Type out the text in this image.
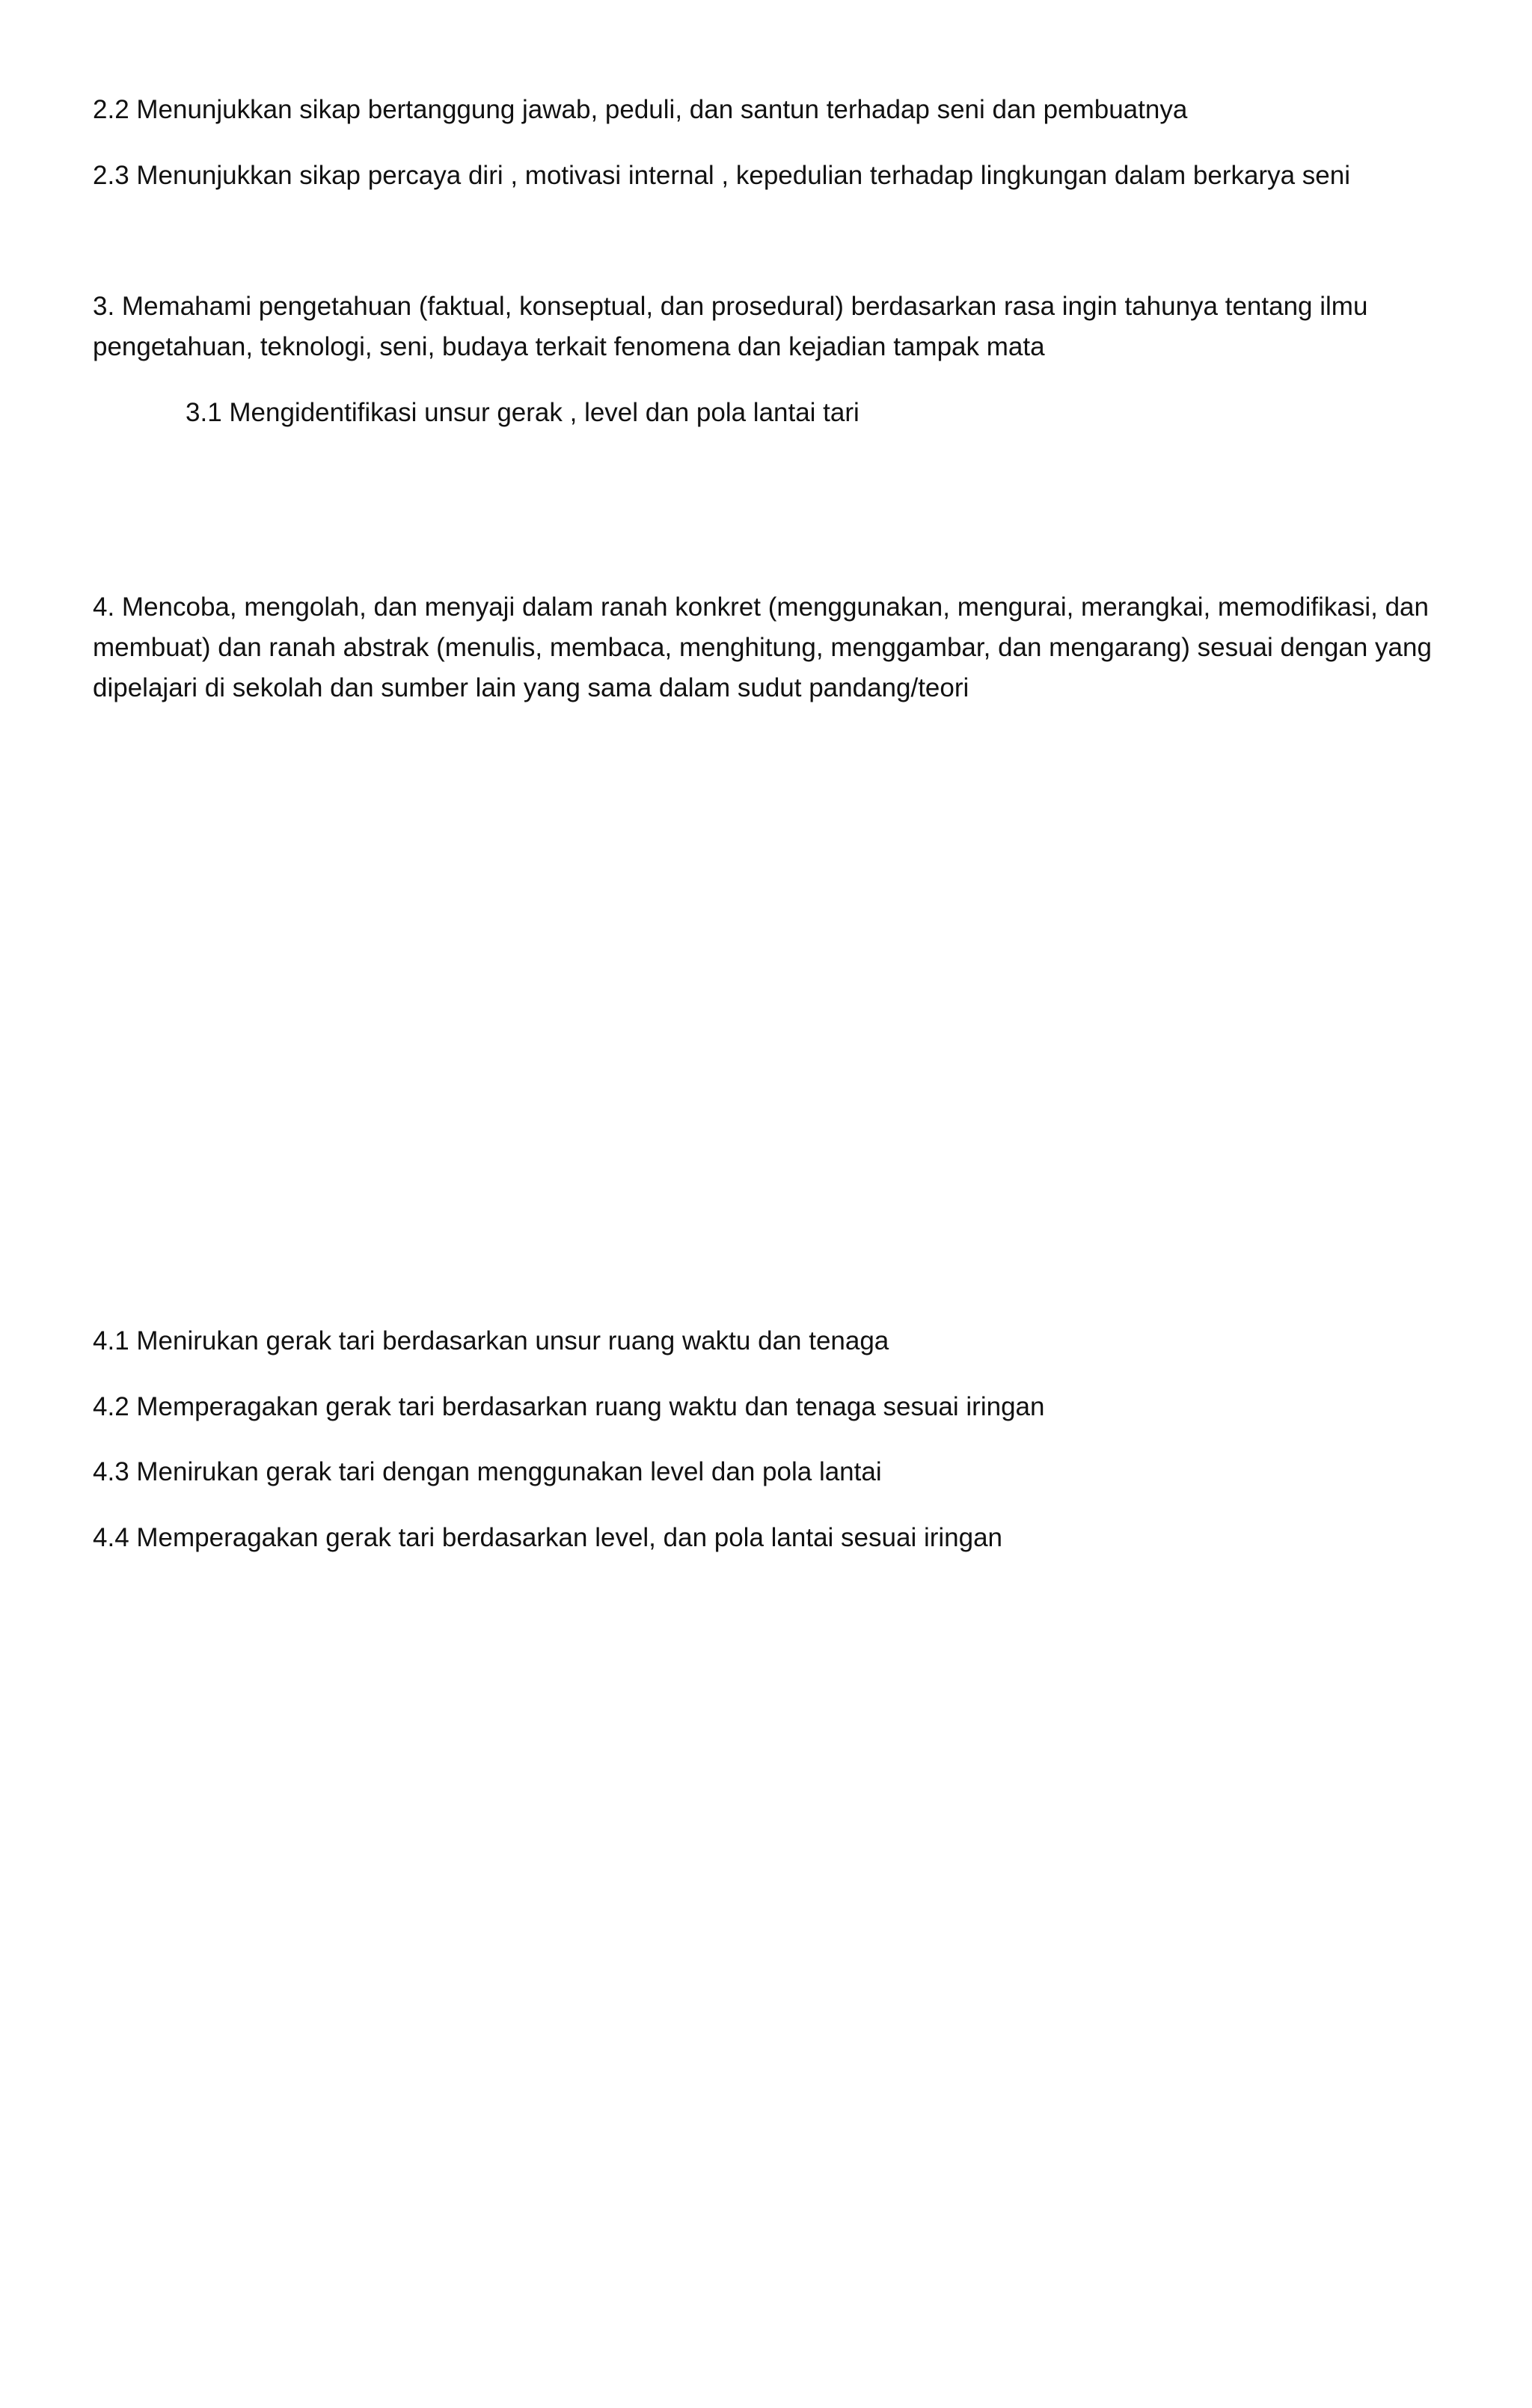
2.2 Menunjukkan sikap bertanggung jawab, peduli, dan santun terhadap seni dan pembuatnya
2.3 Menunjukkan sikap percaya diri , motivasi internal , kepedulian terhadap lingkungan dalam berkarya seni
3. Memahami pengetahuan (faktual, konseptual, dan prosedural) berdasarkan rasa ingin tahunya tentang ilmu
pengetahuan, teknologi, seni, budaya terkait fenomena dan kejadian tampak mata
3.1 Mengidentifikasi unsur gerak , level dan pola lantai tari
4. Mencoba, mengolah, dan menyaji dalam ranah konkret (menggunakan, mengurai, merangkai, memodifikasi, dan
membuat) dan ranah abstrak (menulis, membaca, menghitung, menggambar, dan mengarang) sesuai dengan yang
dipelajari di sekolah dan sumber lain yang sama dalam sudut pandang/teori
4.1 Menirukan gerak tari berdasarkan unsur ruang waktu dan tenaga
4.2 Memperagakan gerak tari berdasarkan ruang waktu dan tenaga sesuai iringan
4.3 Menirukan gerak tari dengan menggunakan level dan pola lantai
4.4 Memperagakan gerak tari berdasarkan level, dan pola lantai sesuai iringan
